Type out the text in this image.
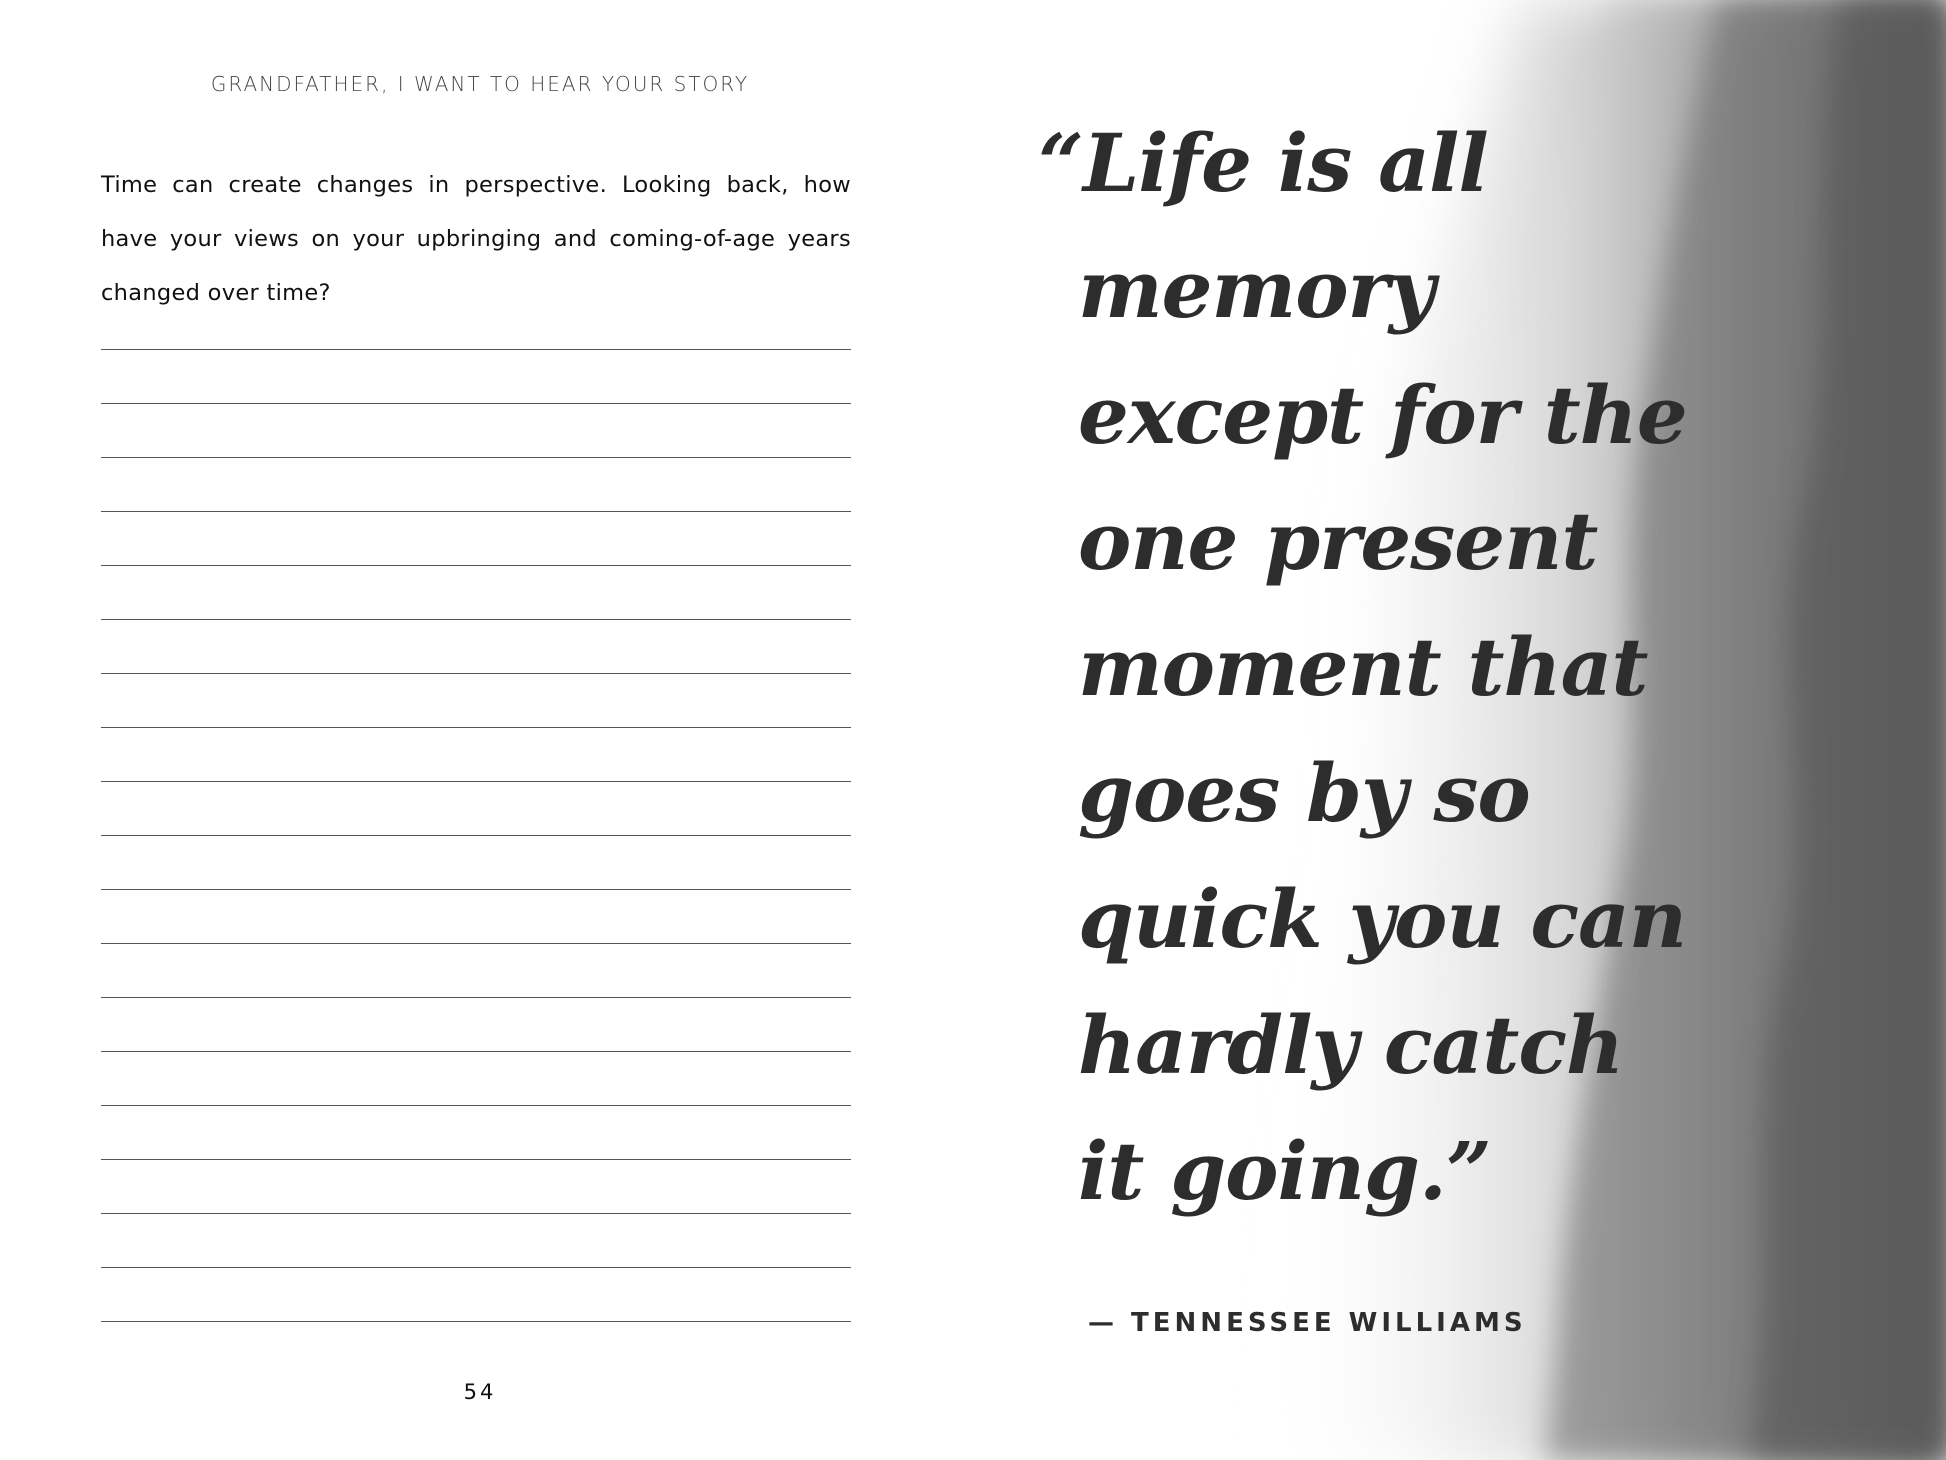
GRANDFATHER, I WANT TO HEAR YOUR STORY
Time can create changes in perspective. Looking back, how have your views on your upbringing and coming-of-age years changed over time?
54
“Life is all
memory
except for the
one present
moment that
goes by so
quick you can
hardly catch
it going.”
— TENNESSEE WILLIAMS
